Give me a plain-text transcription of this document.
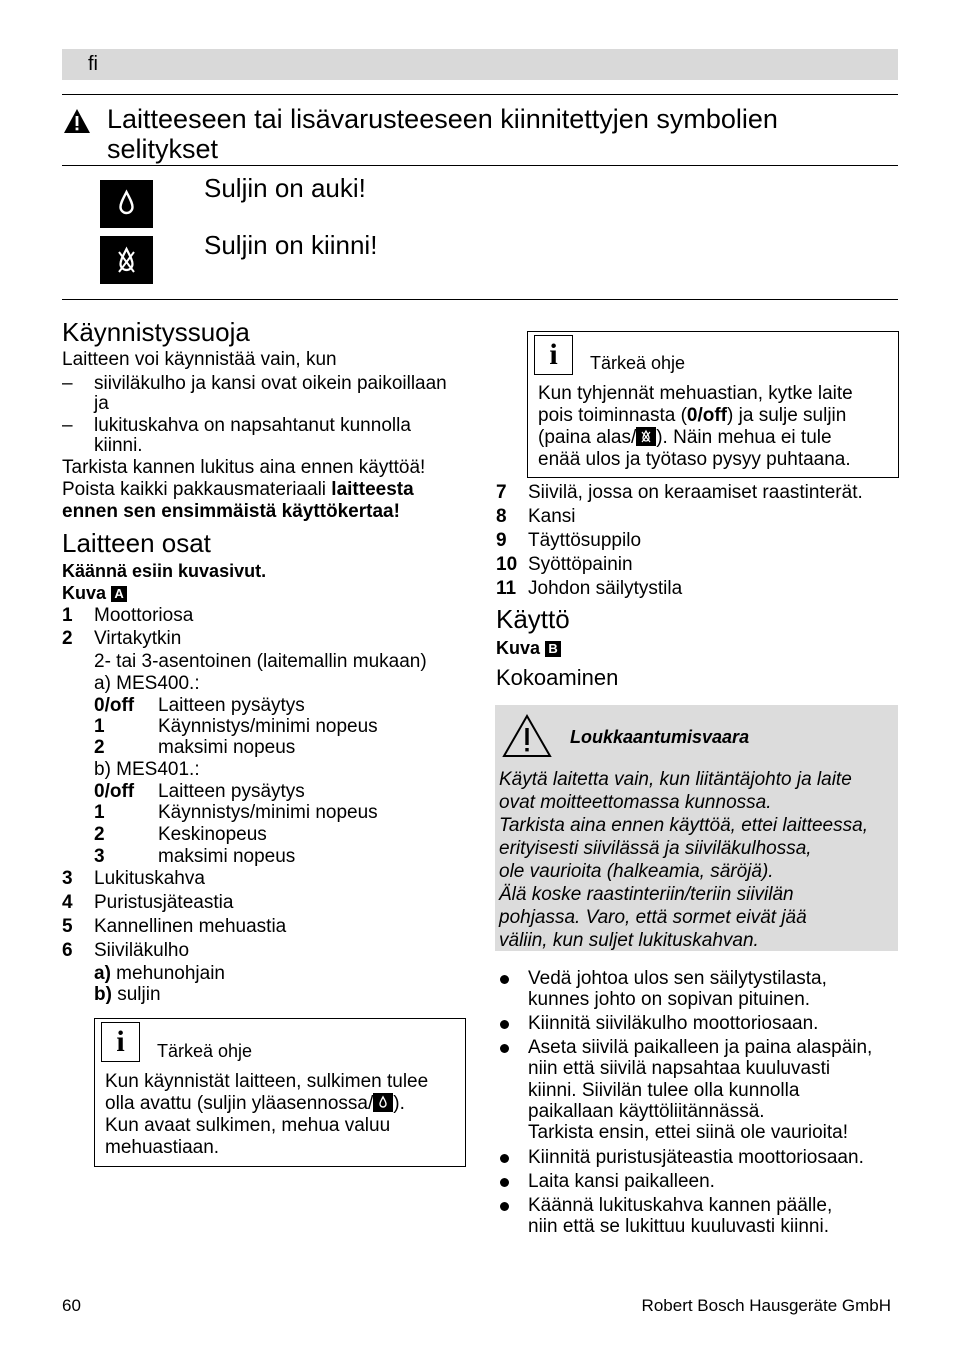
fi
Laitteeseen tai lisävarusteeseen kiinnitettyjen symbolien selitykset
Suljin on auki!
Suljin on kiinni!
Käynnistyssuoja
Laitteen voi käynnistää vain, kun
–	siiviläkulho ja kansi ovat oikein paikoillaan
ja
–	lukituskahva on napsahtanut kunnolla
kiinni.
Tarkista kannen lukitus aina ennen käyttöä!
Poista kaikki pakkausmateriaali laitteesta
ennen sen ensimmäistä käyttökertaa!
Laitteen osat
Käännä esiin kuvasivut.
Kuva A
1 Moottoriosa
2 Virtakytkin
2- tai 3-asentoinen (laitemallin mukaan)
a) MES400.:
0/off Laitteen pysäytys
1	Käynnistys/minimi nopeus
2	maksimi nopeus
b) MES401.:
0/off Laitteen pysäytys
1	Käynnistys/minimi nopeus
2	Keskinopeus
3	maksimi nopeus
3 Lukituskahva
4 Puristusjäteastia
5 Kannellinen mehuastia
6 Siiviläkulho
a) mehunohjain
b) suljin
i	Tärkeä ohje
Kun käynnistät laitteen, sulkimen tulee
olla avattu (suljin yläasennossa/ ).
Kun avaat sulkimen, mehua valuu
mehuastiaan.
i	Tärkeä ohje
Kun tyhjennät mehuastian, kytke laite
pois toiminnasta (0/off) ja sulje suljin
(paina alas/ ). Näin mehua ei tule
enää ulos ja työtaso pysyy puhtaana.
7 Siivilä, jossa on keraamiset raastinterät.
8 Kansi
9 Täyttösuppilo
10 Syöttöpainin
11 Johdon säilytystila
Käyttö
Kuva B
Kokoaminen
Loukkaantumisvaara
Käytä laitetta vain, kun liitäntäjohto ja laite
ovat moitteettomassa kunnossa.
Tarkista aina ennen käyttöä, ettei laitteessa,
erityisesti siivilässä ja siiviläkulhossa,
ole vaurioita (halkeamia, säröjä).
Älä koske raastinteriin/teriin siivilän
pohjassa. Varo, että sormet eivät jää
väliin, kun suljet lukituskahvan.
Vedä johtoa ulos sen säilytystilasta,
kunnes johto on sopivan pituinen.
Kiinnitä siiviläkulho moottoriosaan.
Aseta siivilä paikalleen ja paina alaspäin,
niin että siivilä napsahtaa kuuluvasti
kiinni. Siivilän tulee olla kunnolla
paikallaan käyttöliitännässä.
Tarkista ensin, ettei siinä ole vaurioita!
Kiinnitä puristusjäteastia moottoriosaan.
Laita kansi paikalleen.
Käännä lukituskahva kannen päälle,
niin että se lukittuu kuuluvasti kiinni.
60	Robert Bosch Hausgeräte GmbH
